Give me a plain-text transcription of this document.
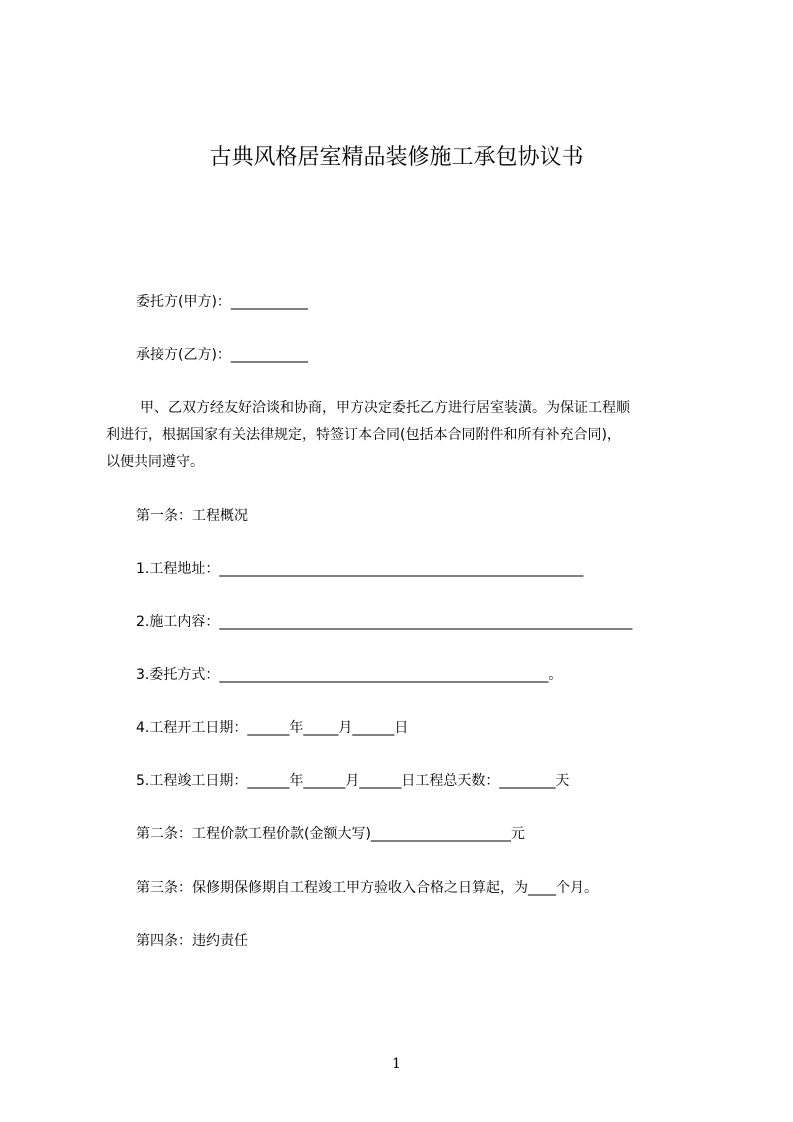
古典风格居室精品装修施工承包协议书
委托方(甲方)：___________
承接方(乙方)：___________
甲、乙双方经友好洽谈和协商，甲方决定委托乙方进行居室装潢。为保证工程顺
利进行，根据国家有关法律规定，特签订本合同(包括本合同附件和所有补充合同)，
以便共同遵守。
第一条：工程概况
1.工程地址：____________________________________________________
2.施工内容：___________________________________________________________
3.委托方式：_______________________________________________。
4.工程开工日期：______年_____月______日
5.工程竣工日期：______年______月______日工程总天数：________天
第二条：工程价款工程价款(金额大写)____________________元
第三条：保修期保修期自工程竣工甲方验收入合格之日算起，为____个月。
第四条：违约责任
1
